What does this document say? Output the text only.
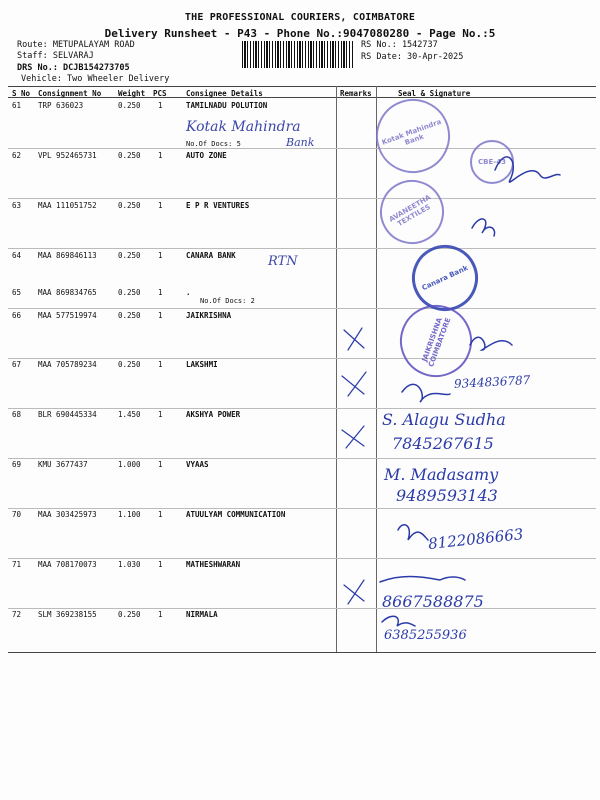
THE PROFESSIONAL COURIERS, COIMBATORE
Delivery Runsheet - P43 - Phone No.:9047080280 - Page No.:5
Route: METUPALAYAM ROAD
Staff: SELVARAJ
DRS No.: DCJB154273705
Vehicle: Two Wheeler Delivery
RS No.: 1542737
RS Date: 30-Apr-2025
S No Consignment No Weight PCS	Consignee Details	Remarks	Seal & Signature
61 TRP 636023	0.250 1	TAMILNADU POLUTION
No.Of Docs: 5
62 VPL 952465731	0.250 1	AUTO ZONE
63 MAA 111051752	0.250 1	E P R VENTURES
64 MAA 869846113	0.250 1	CANARA BANK
65 MAA 869834765	0.250 1	.
No.Of Docs: 2
66 MAA 577519974	0.250 1	JAIKRISHNA
67 MAA 705789234	0.250 1	LAKSHMI
68 BLR 690445334	1.450 1	AKSHYA POWER
69 KMU 3677437	1.000 1	VYAAS
70 MAA 303425973	1.100 1	ATUULYAM COMMUNICATION
71 MAA 708170073	1.030 1	MATHESHWARAN
72 SLM 369238155	0.250 1	NIRMALA
Kotak Mahindra Bank
CBE-43
AVANEETHA TEXTILES
Canara Bank
JAIKRISHNA COIMBATORE
Kotak Mahindra
Bank
RTN
9344836787
S. Alagu Sudha
7845267615
M. Madasamy
9489593143
8122086663
8667588875
6385255936
